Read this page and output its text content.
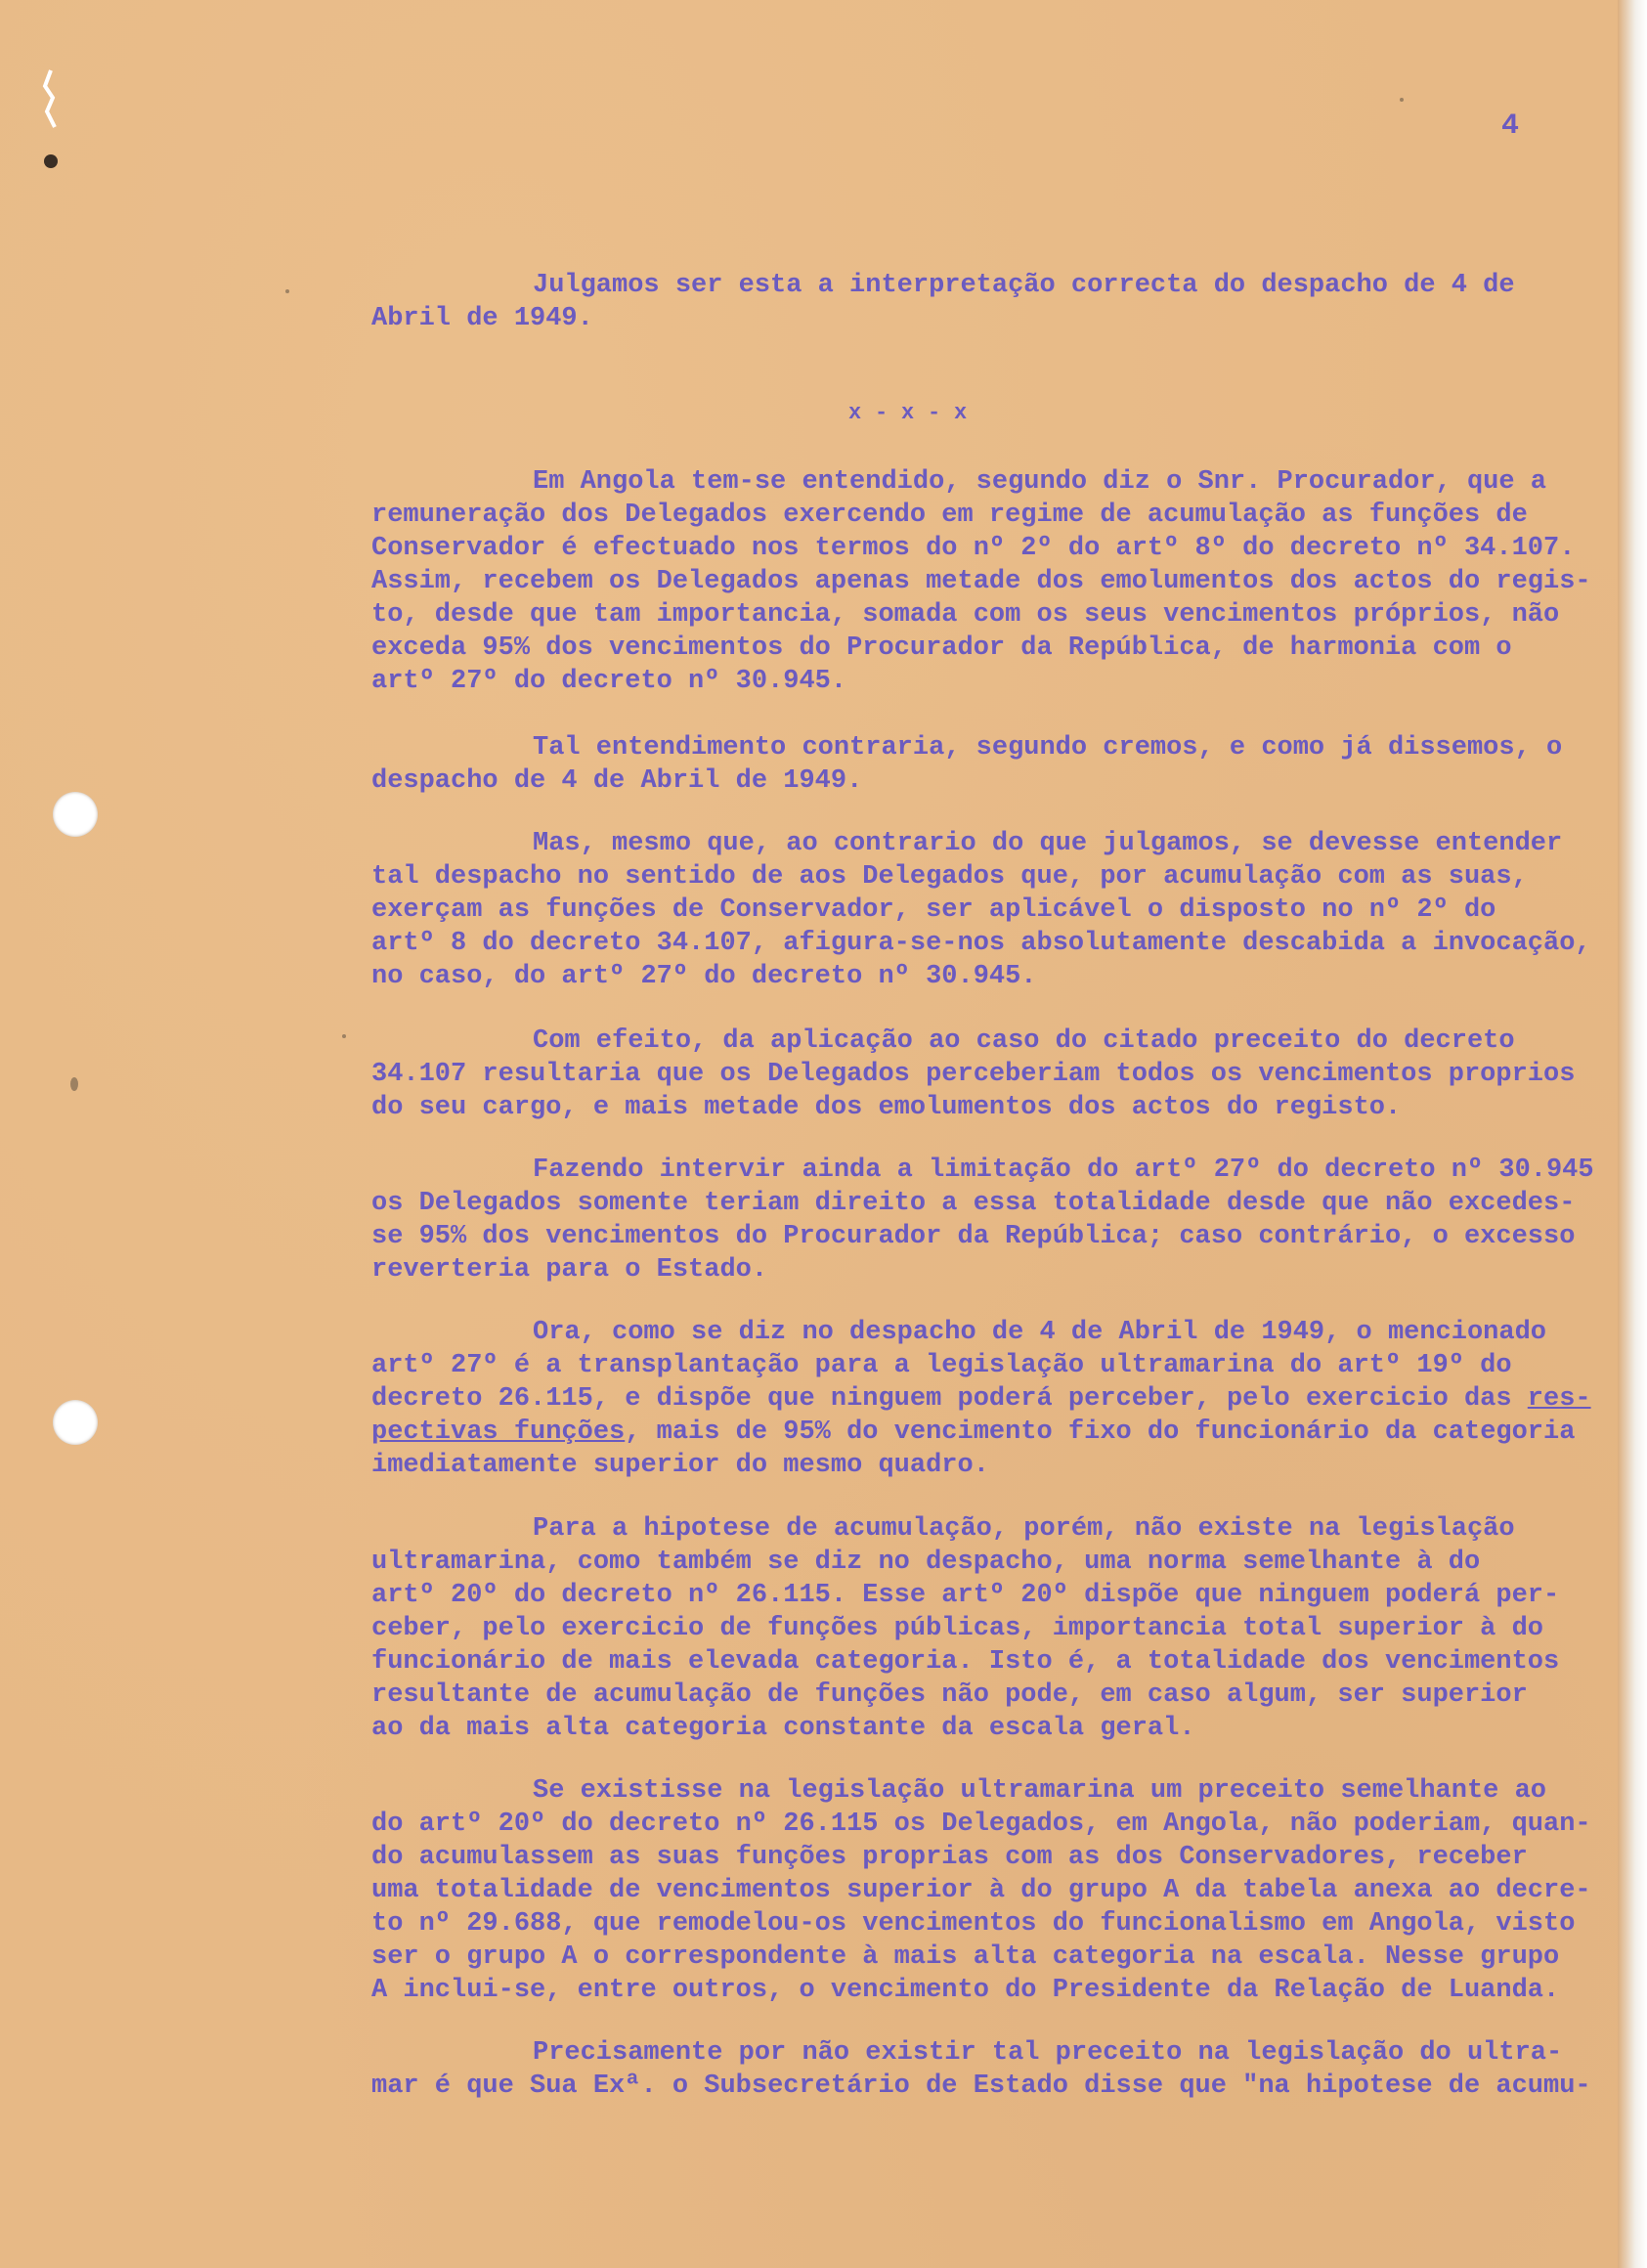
4
x - x - x
Julgamos ser esta a interpretação correcta do despacho de 4 de
Abril de 1949.
Em Angola tem-se entendido, segundo diz o Snr. Procurador, que a
remuneração dos Delegados exercendo em regime de acumulação as funções de
Conservador é efectuado nos termos do nº 2º do artº 8º do decreto nº 34.107.
Assim, recebem os Delegados apenas metade dos emolumentos dos actos do regis-
to, desde que tam importancia, somada com os seus vencimentos próprios, não
exceda 95% dos vencimentos do Procurador da República, de harmonia com o
artº 27º do decreto nº 30.945.
Tal entendimento contraria, segundo cremos, e como já dissemos, o
despacho de 4 de Abril de 1949.
Mas, mesmo que, ao contrario do que julgamos, se devesse entender
tal despacho no sentido de aos Delegados que, por acumulação com as suas,
exerçam as funções de Conservador, ser aplicável o disposto no nº 2º do
artº 8 do decreto 34.107, afigura-se-nos absolutamente descabida a invocação,
no caso, do artº 27º do decreto nº 30.945.
Com efeito, da aplicação ao caso do citado preceito do decreto
34.107 resultaria que os Delegados perceberiam todos os vencimentos proprios
do seu cargo, e mais metade dos emolumentos dos actos do registo.
Fazendo intervir ainda a limitação do artº 27º do decreto nº 30.945
os Delegados somente teriam direito a essa totalidade desde que não excedes-
se 95% dos vencimentos do Procurador da República; caso contrário, o excesso
reverteria para o Estado.
Ora, como se diz no despacho de 4 de Abril de 1949, o mencionado
artº 27º é a transplantação para a legislação ultramarina do artº 19º do
decreto 26.115, e dispõe que ninguem poderá perceber, pelo exercicio das res-
pectivas funções, mais de 95% do vencimento fixo do funcionário da categoria
imediatamente superior do mesmo quadro.
Para a hipotese de acumulação, porém, não existe na legislação
ultramarina, como também se diz no despacho, uma norma semelhante à do
artº 20º do decreto nº 26.115. Esse artº 20º dispõe que ninguem poderá per-
ceber, pelo exercicio de funções públicas, importancia total superior à do
funcionário de mais elevada categoria. Isto é, a totalidade dos vencimentos
resultante de acumulação de funções não pode, em caso algum, ser superior
ao da mais alta categoria constante da escala geral.
Se existisse na legislação ultramarina um preceito semelhante ao
do artº 20º do decreto nº 26.115 os Delegados, em Angola, não poderiam, quan-
do acumulassem as suas funções proprias com as dos Conservadores, receber
uma totalidade de vencimentos superior à do grupo A da tabela anexa ao decre-
to nº 29.688, que remodelou-os vencimentos do funcionalismo em Angola, visto
ser o grupo A o correspondente à mais alta categoria na escala. Nesse grupo
A inclui-se, entre outros, o vencimento do Presidente da Relação de Luanda.
Precisamente por não existir tal preceito na legislação do ultra-
mar é que Sua Exª. o Subsecretário de Estado disse que "na hipotese de acumu-
